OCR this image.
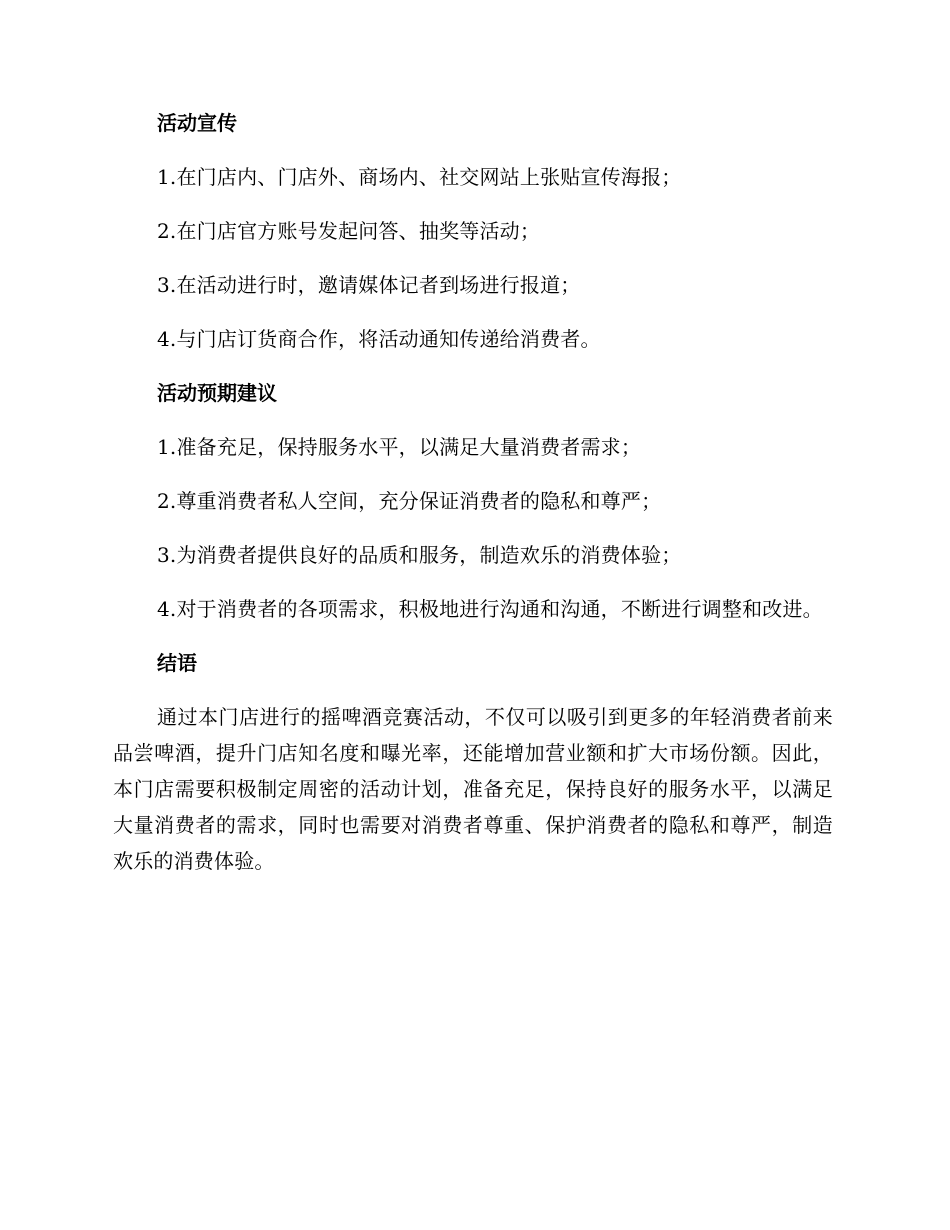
活动宣传
1.在门店内、门店外、商场内、社交网站上张贴宣传海报；
2.在门店官方账号发起问答、抽奖等活动；
3.在活动进行时，邀请媒体记者到场进行报道；
4.与门店订货商合作，将活动通知传递给消费者。
活动预期建议
1.准备充足，保持服务水平，以满足大量消费者需求；
2.尊重消费者私人空间，充分保证消费者的隐私和尊严；
3.为消费者提供良好的品质和服务，制造欢乐的消费体验；
4.对于消费者的各项需求，积极地进行沟通和沟通，不断进行调整和改进。
结语
通过本门店进行的摇啤酒竞赛活动，不仅可以吸引到更多的年轻消费者前来品尝啤酒，提升门店知名度和曝光率，还能增加营业额和扩大市场份额。因此，本门店需要积极制定周密的活动计划，准备充足，保持良好的服务水平，以满足大量消费者的需求，同时也需要对消费者尊重、保护消费者的隐私和尊严，制造欢乐的消费体验。
